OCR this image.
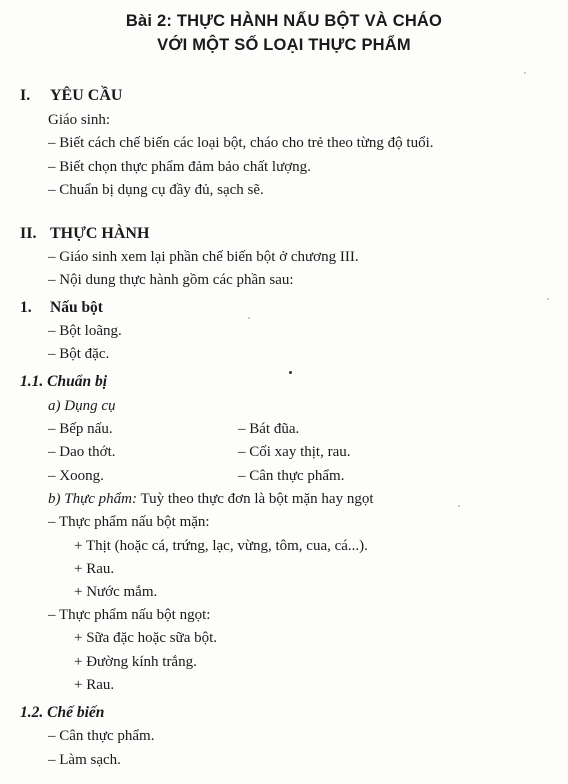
Bài 2: THỰC HÀNH NẤU BỘT VÀ CHÁO
VỚI MỘT SỐ LOẠI THỰC PHẨM
I. YÊU CẦU
Giáo sinh:
– Biết cách chế biến các loại bột, cháo cho trẻ theo từng độ tuổi.
– Biết chọn thực phẩm đảm bảo chất lượng.
– Chuẩn bị dụng cụ đầy đủ, sạch sẽ.
II. THỰC HÀNH
– Giáo sinh xem lại phần chế biến bột ở chương III.
– Nội dung thực hành gồm các phần sau:
1. Nấu bột
– Bột loãng.
– Bột đặc.
1.1. Chuẩn bị
a) Dụng cụ
– Bếp nấu.	– Bát đũa.
– Dao thớt.	– Cối xay thịt, rau.
– Xoong.	– Cân thực phẩm.
b) Thực phẩm: Tuỳ theo thực đơn là bột mặn hay ngọt
– Thực phẩm nấu bột mặn:
+ Thịt (hoặc cá, trứng, lạc, vừng, tôm, cua, cá...).
+ Rau.
+ Nước mắm.
– Thực phẩm nấu bột ngọt:
+ Sữa đặc hoặc sữa bột.
+ Đường kính trắng.
+ Rau.
1.2. Chế biến
– Cân thực phẩm.
– Làm sạch.
